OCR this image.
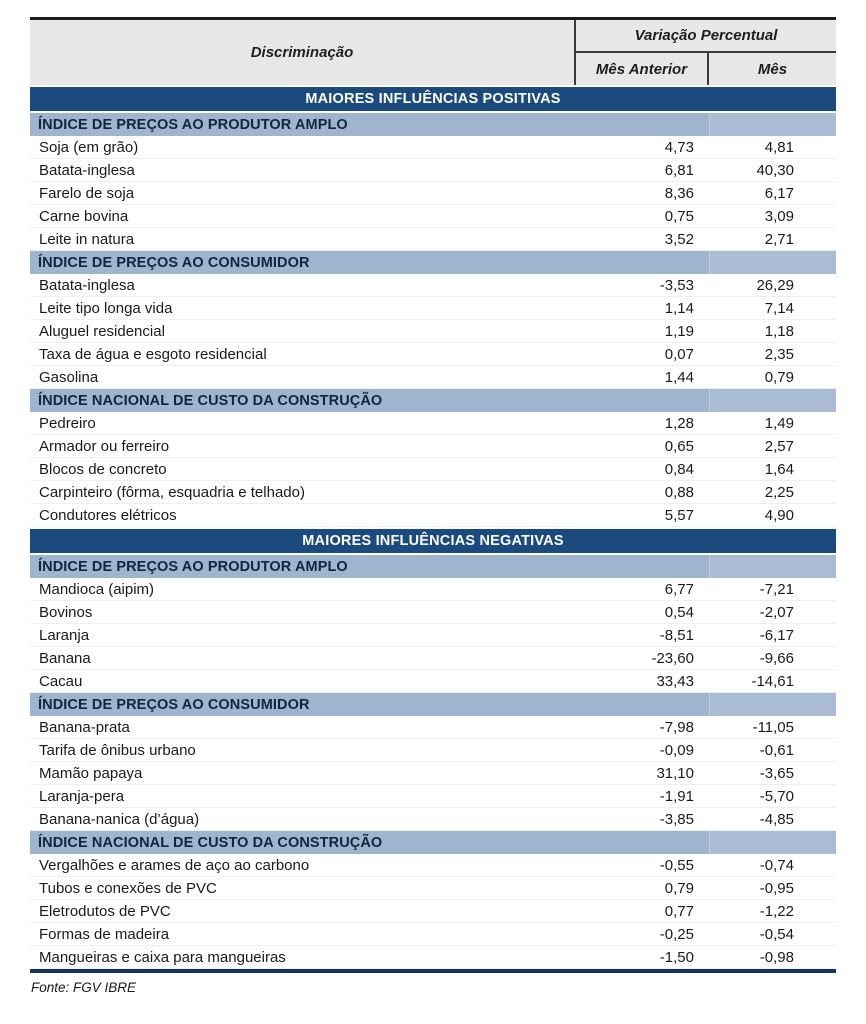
Discriminação
Variação Percentual
Mês Anterior	Mês
MAIORES INFLUÊNCIAS POSITIVAS
ÍNDICE DE PREÇOS AO PRODUTOR AMPLO
Soja (em grão)	4,73	4,81
Batata-inglesa	6,81	40,30
Farelo de soja	8,36	6,17
Carne bovina	0,75	3,09
Leite in natura	3,52	2,71
ÍNDICE DE PREÇOS AO CONSUMIDOR
Batata-inglesa	-3,53	26,29
Leite tipo longa vida	1,14	7,14
Aluguel residencial	1,19	1,18
Taxa de água e esgoto residencial	0,07	2,35
Gasolina	1,44	0,79
ÍNDICE NACIONAL DE CUSTO DA CONSTRUÇÃO
Pedreiro	1,28	1,49
Armador ou ferreiro	0,65	2,57
Blocos de concreto	0,84	1,64
Carpinteiro (fôrma, esquadria e telhado)	0,88	2,25
Condutores elétricos	5,57	4,90
MAIORES INFLUÊNCIAS NEGATIVAS
ÍNDICE DE PREÇOS AO PRODUTOR AMPLO
Mandioca (aipim)	6,77	-7,21
Bovinos	0,54	-2,07
Laranja	-8,51	-6,17
Banana	-23,60	-9,66
Cacau	33,43	-14,61
ÍNDICE DE PREÇOS AO CONSUMIDOR
Banana-prata	-7,98	-11,05
Tarifa de ônibus urbano	-0,09	-0,61
Mamão papaya	31,10	-3,65
Laranja-pera	-1,91	-5,70
Banana-nanica (d’água)	-3,85	-4,85
ÍNDICE NACIONAL DE CUSTO DA CONSTRUÇÃO
Vergalhões e arames de aço ao carbono	-0,55	-0,74
Tubos e conexões de PVC	0,79	-0,95
Eletrodutos de PVC	0,77	-1,22
Formas de madeira	-0,25	-0,54
Mangueiras e caixa para mangueiras	-1,50	-0,98
Fonte: FGV IBRE
